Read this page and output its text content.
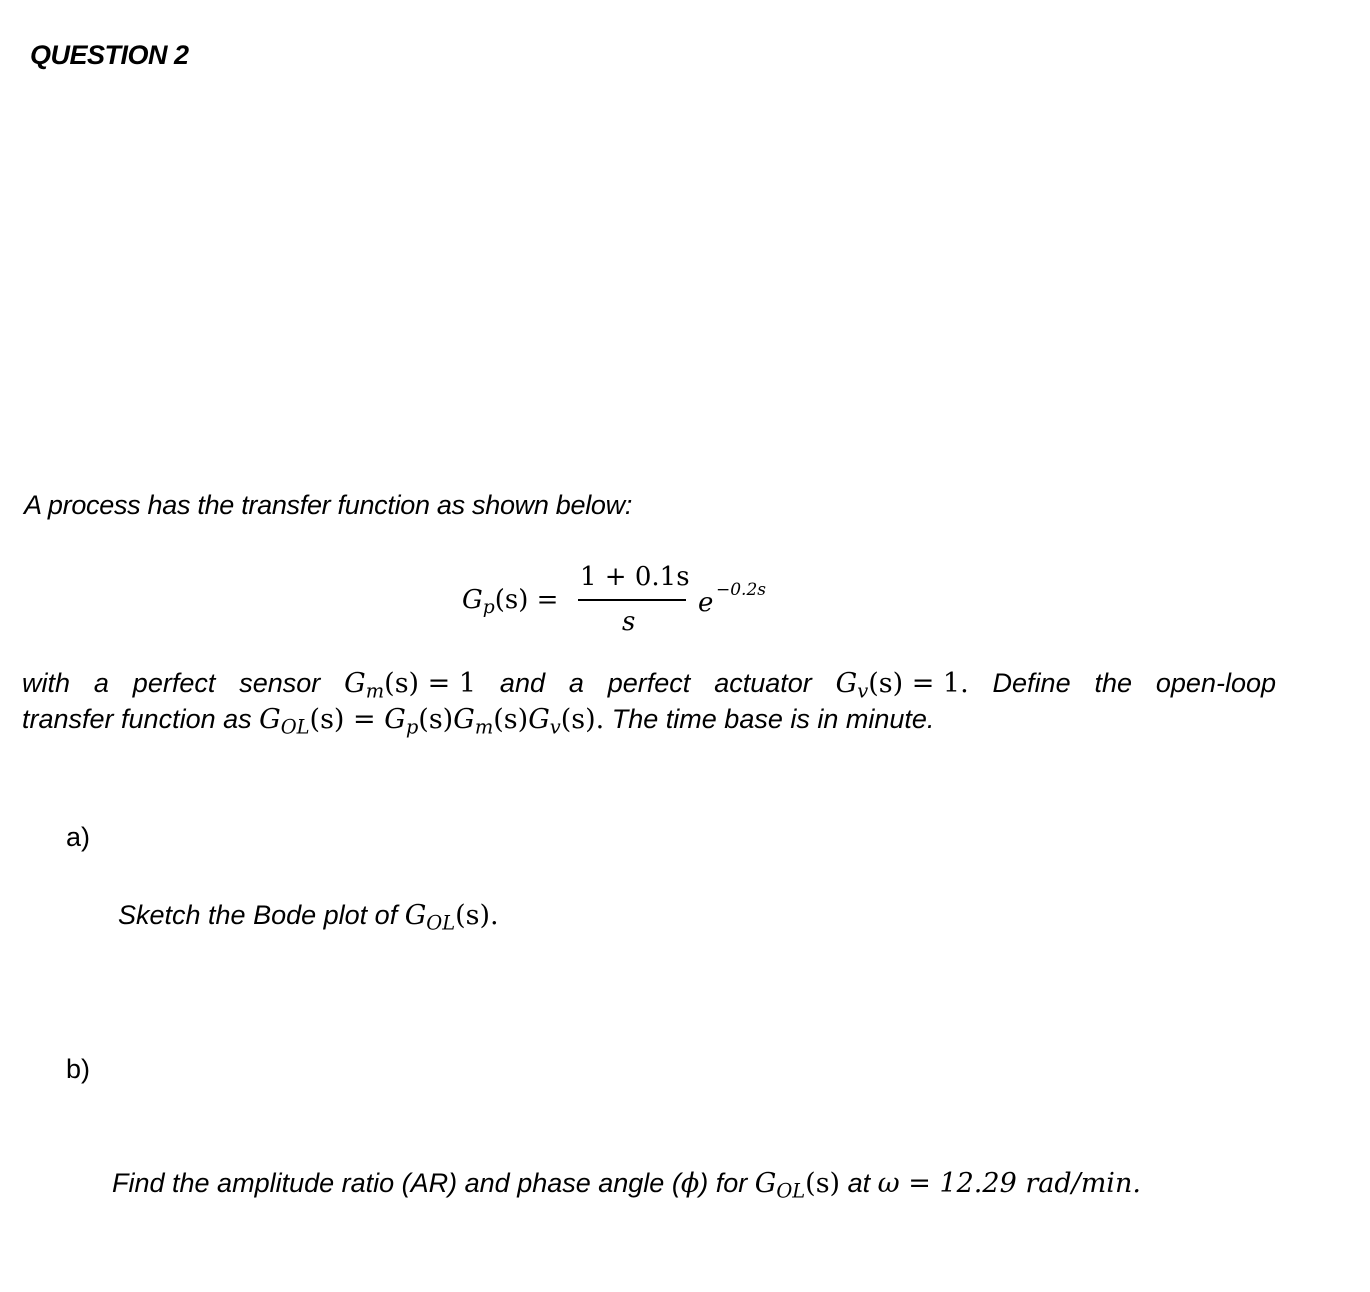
QUESTION 2
A process has the transfer function as shown below:
$G_p(s)$ =
1 + 0.1s
s
e −0.2s
with a perfect sensor $G_m(s) = 1$ and a perfect actuator $G_v(s) = 1$. Define the open-loop
transfer function as $G_{OL}(s) = G_p(s)G_m(s)G_v(s)$. The time base is in minute.
a)
Sketch the Bode plot of $G_{OL}(s)$.
b)
Find the amplitude ratio (AR) and phase angle (ϕ) for $G_{OL}(s)$ at ω = 12.29 rad/min.
